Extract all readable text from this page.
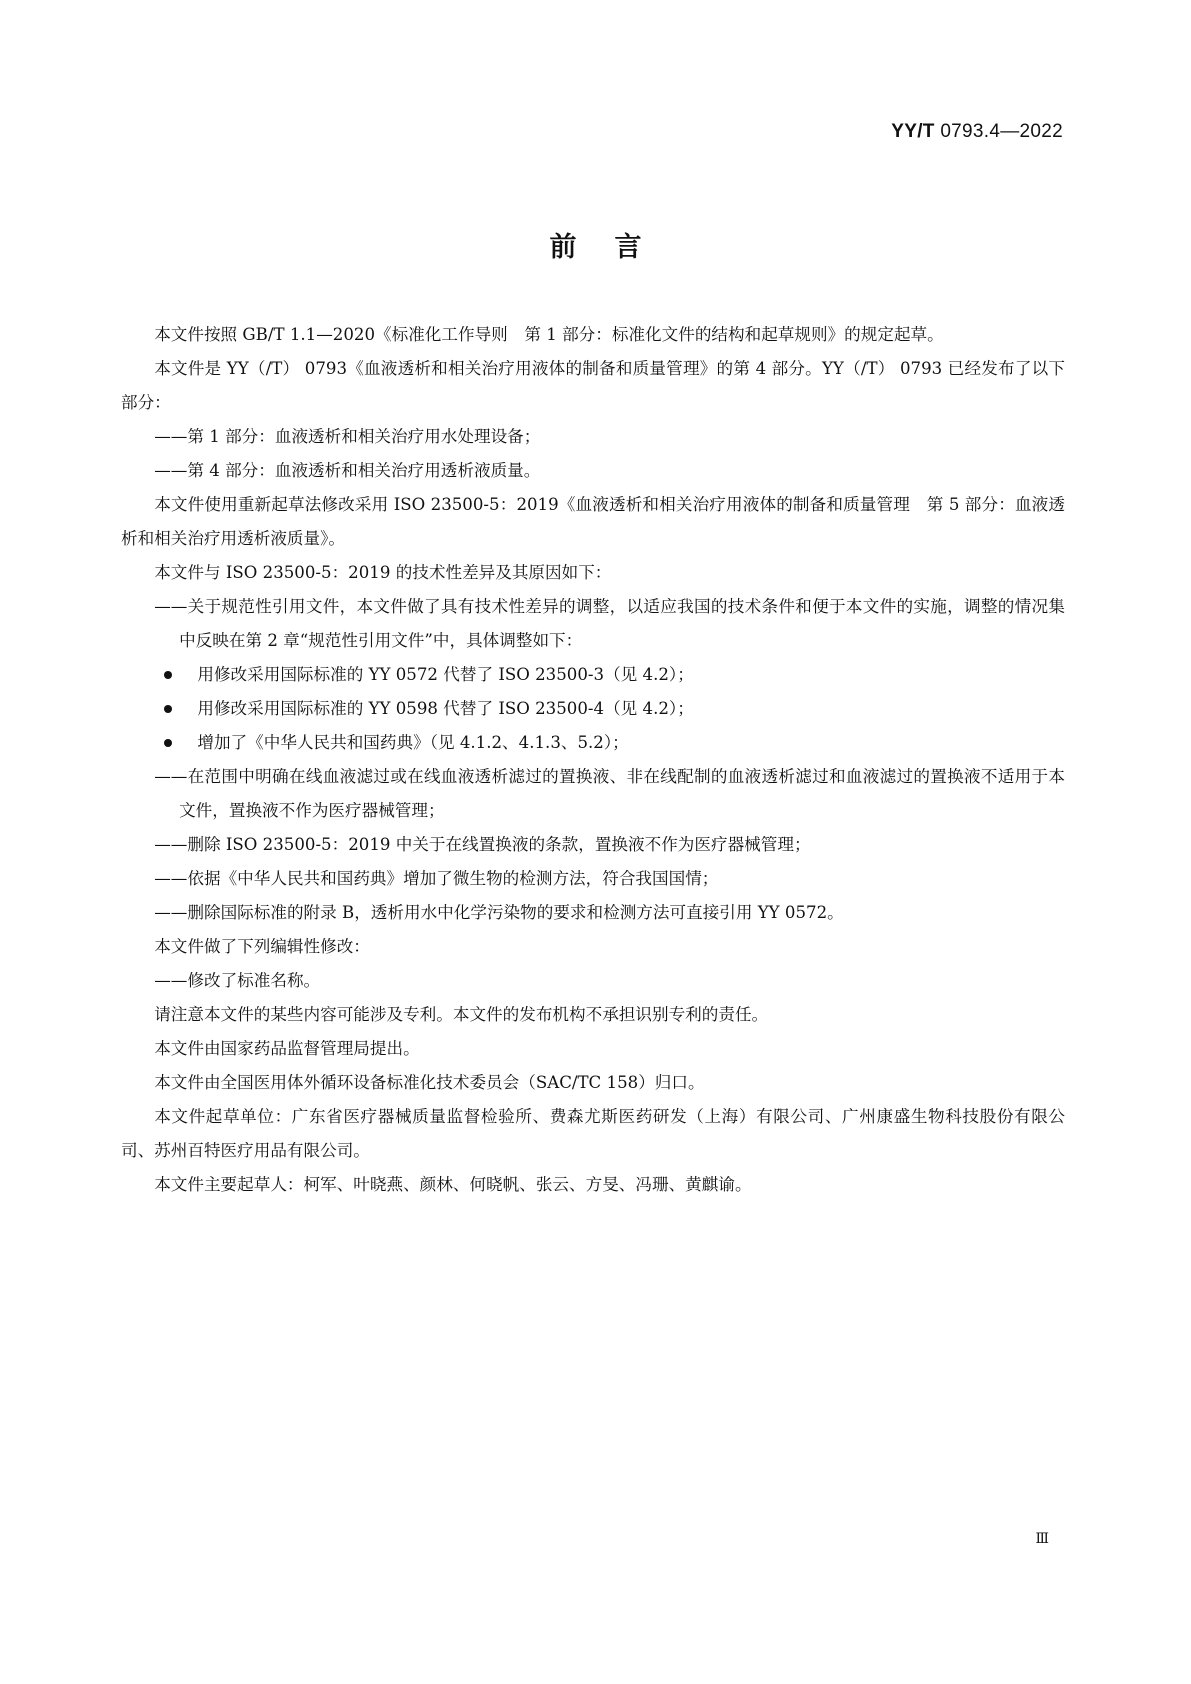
YY/T 0793.4—2022
前言

本文件按照 GB/T 1.1—2020《标准化工作导则　第 1 部分：标准化文件的结构和起草规则》的规定起草。

本文件是 YY（/T） 0793《血液透析和相关治疗用液体的制备和质量管理》的第 4 部分。YY（/T） 0793 已经发布了以下部分：

——第 1 部分：血液透析和相关治疗用水处理设备；

——第 4 部分：血液透析和相关治疗用透析液质量。

本文件使用重新起草法修改采用 ISO 23500-5：2019《血液透析和相关治疗用液体的制备和质量管理　第 5 部分：血液透析和相关治疗用透析液质量》。

本文件与 ISO 23500-5：2019 的技术性差异及其原因如下：

——关于规范性引用文件，本文件做了具有技术性差异的调整，以适应我国的技术条件和便于本文件的实施，调整的情况集中反映在第 2 章“规范性引用文件”中，具体调整如下：

用修改采用国际标准的 YY 0572 代替了 ISO 23500-3（见 4.2）；

用修改采用国际标准的 YY 0598 代替了 ISO 23500-4（见 4.2）；

增加了《中华人民共和国药典》（见 4.1.2、4.1.3、5.2）；

——在范围中明确在线血液滤过或在线血液透析滤过的置换液、非在线配制的血液透析滤过和血液滤过的置换液不适用于本文件，置换液不作为医疗器械管理；

——删除 ISO 23500-5：2019 中关于在线置换液的条款，置换液不作为医疗器械管理；

——依据《中华人民共和国药典》增加了微生物的检测方法，符合我国国情；

——删除国际标准的附录 B，透析用水中化学污染物的要求和检测方法可直接引用 YY 0572。

本文件做了下列编辑性修改：

——修改了标准名称。

请注意本文件的某些内容可能涉及专利。本文件的发布机构不承担识别专利的责任。

本文件由国家药品监督管理局提出。

本文件由全国医用体外循环设备标准化技术委员会（SAC/TC 158）归口。

本文件起草单位：广东省医疗器械质量监督检验所、费森尤斯医药研发（上海）有限公司、广州康盛生物科技股份有限公司、苏州百特医疗用品有限公司。

本文件主要起草人：柯军、叶晓燕、颜林、何晓帆、张云、方旻、冯珊、黄麒谕。

Ⅲ
